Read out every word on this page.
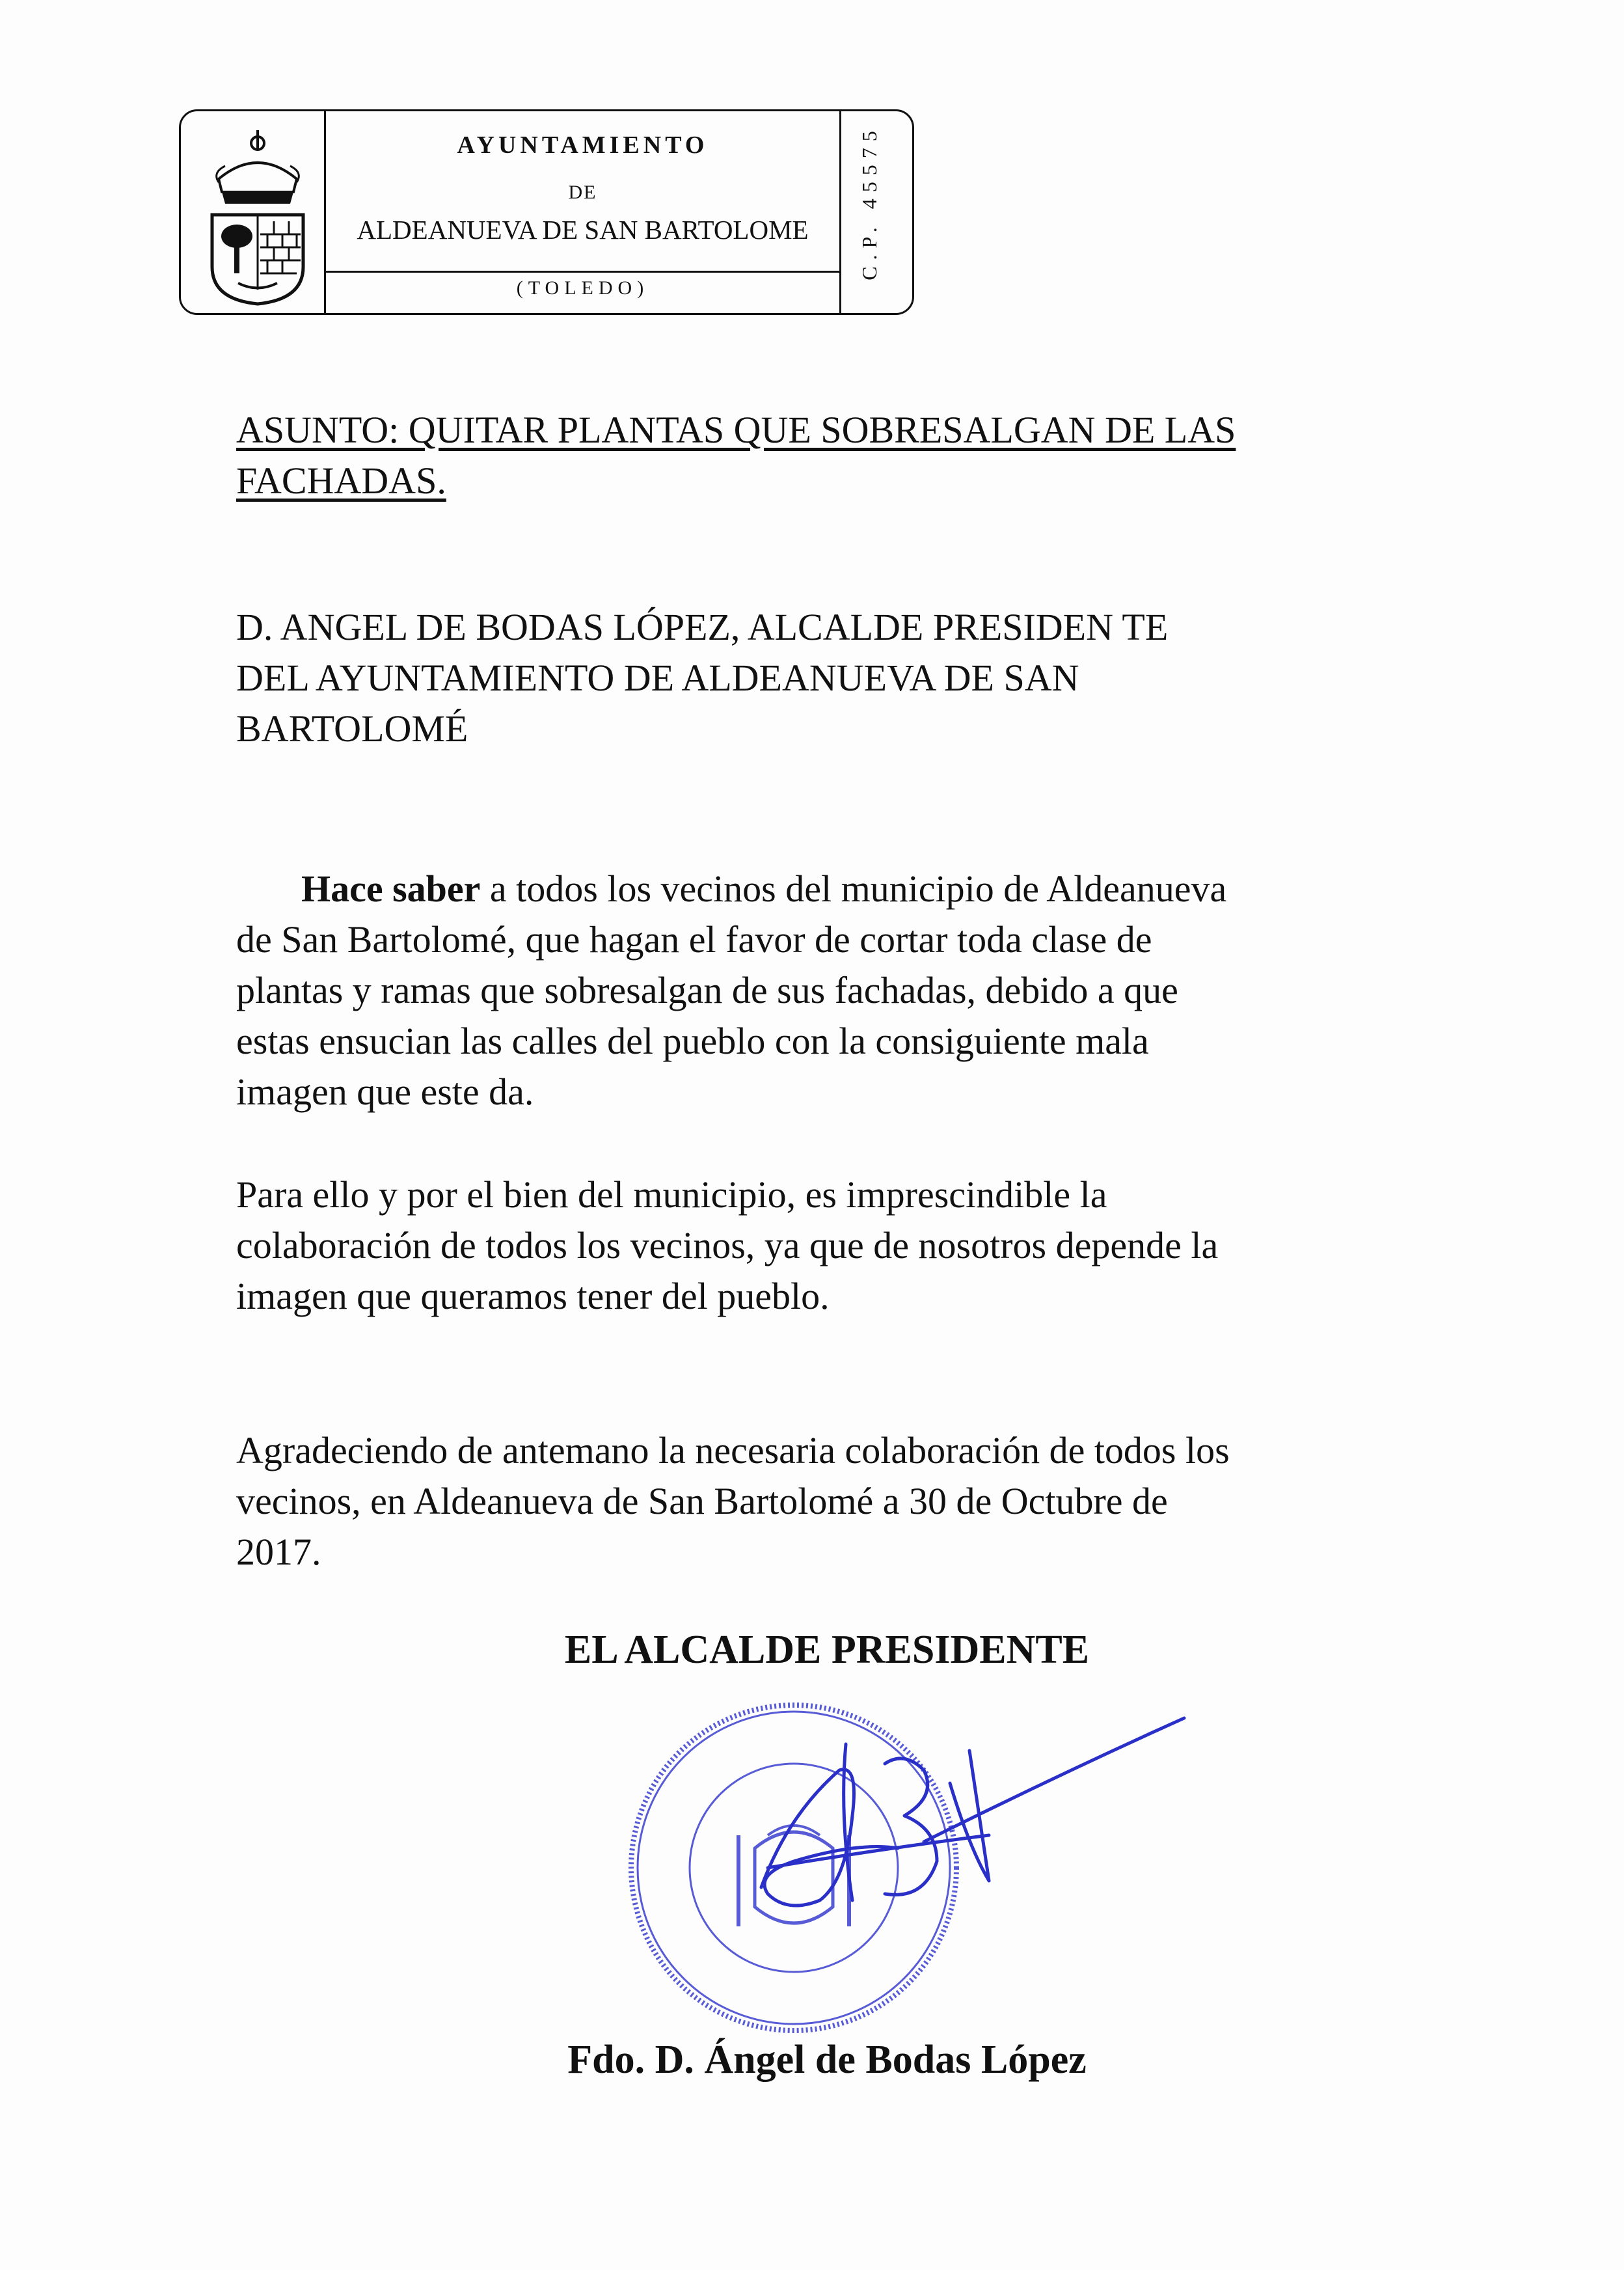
AYUNTAMIENTO
DE
ALDEANUEVA DE SAN BARTOLOME
(TOLEDO)
C.P. 45575
ASUNTO: QUITAR PLANTAS QUE SOBRESALGAN DE LAS
FACHADAS.
D. ANGEL DE BODAS LÓPEZ, ALCALDE PRESIDEN TE
DEL AYUNTAMIENTO DE ALDEANUEVA DE SAN
BARTOLOMÉ
Hace saber a todos los vecinos del municipio de Aldeanueva
de San Bartolomé, que hagan el favor de cortar toda clase de
plantas y ramas que sobresalgan de sus fachadas, debido a que
estas ensucian las calles del pueblo con la consiguiente mala
imagen que este da.
Para ello y por el bien del municipio, es imprescindible la
colaboración de todos los vecinos, ya que de nosotros depende la
imagen que queramos tener del pueblo.
Agradeciendo de antemano la necesaria colaboración de todos los
vecinos, en Aldeanueva de San Bartolomé a 30 de Octubre de
2017.
EL ALCALDE PRESIDENTE
Fdo. D. Ángel de Bodas López
